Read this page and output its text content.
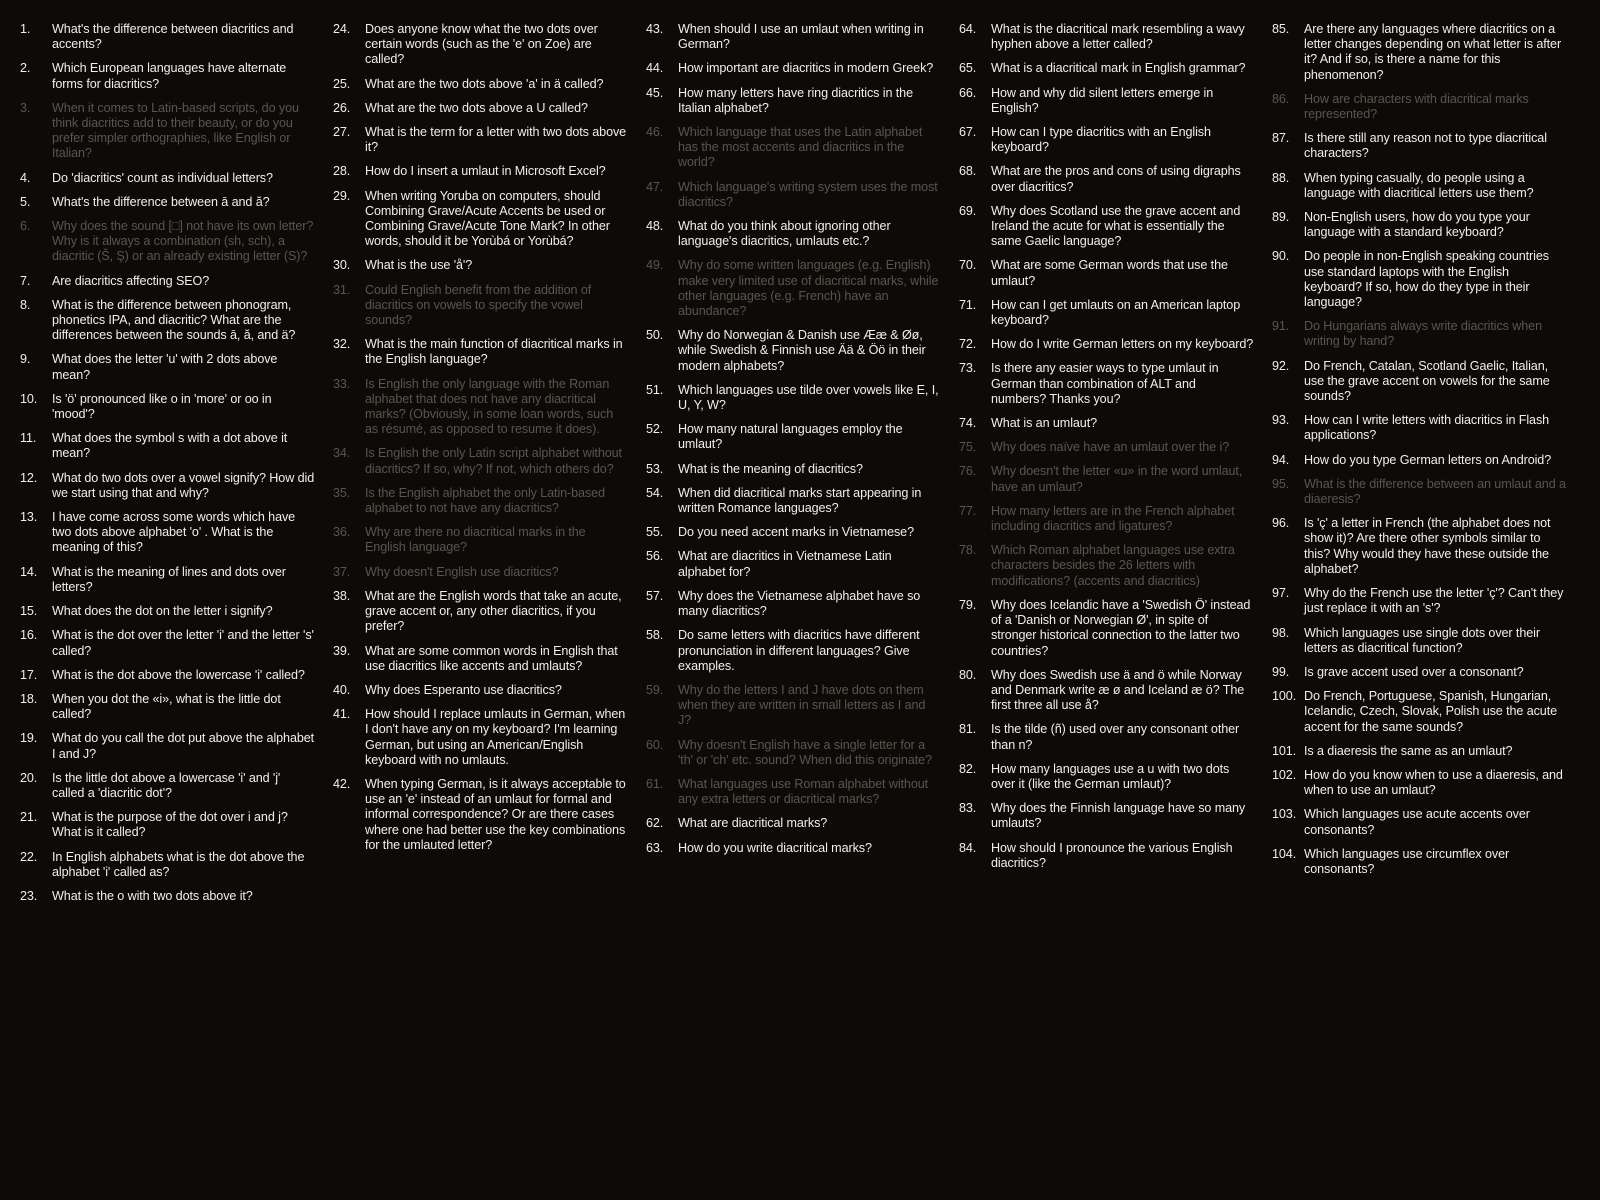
1.	What's the difference between diacritics and accents?
2.	Which European languages have alternate forms for diacritics?
3.	When it comes to Latin-based scripts, do you think diacritics add to their beauty, or do you prefer simpler orthographies, like English or Italian?
4.	Do 'diacritics' count as individual letters?
5.	What's the difference between ā and ă?
6.	Why does the sound [□] not have its own letter? Why is it always a combination (sh, sch), a diacritic (Š, Ş) or an already existing letter (S)?
7.	Are diacritics affecting SEO?
8.	What is the difference between phonogram, phonetics IPA, and diacritic? What are the differences between the sounds ā, ă, and ä?
9.	What does the letter 'u' with 2 dots above mean?
10.	Is 'ö' pronounced like o in 'more' or oo in 'mood'?
11.	What does the symbol s with a dot above it mean?
12.	What do two dots over a vowel signify? How did we start using that and why?
13.	I have come across some words which have two dots above alphabet 'o' . What is the meaning of this?
14.	What is the meaning of lines and dots over letters?
15.	What does the dot on the letter i signify?
16.	What is the dot over the letter 'i' and the letter 's' called?
17.	What is the dot above the lowercase 'i' called?
18.	When you dot the «i», what is the little dot called?
19.	What do you call the dot put above the alphabet I and J?
20.	Is the little dot above a lowercase 'i' and 'j' called a 'diacritic dot'?
21.	What is the purpose of the dot over i and j? What is it called?
22.	In English alphabets what is the dot above the alphabet 'i' called as?
23.	What is the o with two dots above it?
24.	Does anyone know what the two dots over certain words (such as the 'e' on Zoe) are called?
25.	What are the two dots above 'a' in ä called?
26.	What are the two dots above a U called?
27.	What is the term for a letter with two dots above it?
28.	How do I insert a umlaut in Microsoft Excel?
29.	When writing Yoruba on computers, should Combining Grave/Acute Accents be used or Combining Grave/Acute Tone Mark? In other words, should it be Yorùbá or Yorùbá?
30.	What is the use 'å'?
31.	Could English benefit from the addition of diacritics on vowels to specify the vowel sounds?
32.	What is the main function of diacritical marks in the English language?
33.	Is English the only language with the Roman alphabet that does not have any diacritical marks? (Obviously, in some loan words, such as résumé, as opposed to resume it does).
34.	Is English the only Latin script alphabet without diacritics? If so, why? If not, which others do?
35.	Is the English alphabet the only Latin-based alphabet to not have any diacritics?
36.	Why are there no diacritical marks in the English language?
37.	Why doesn't English use diacritics?
38.	What are the English words that take an acute, grave accent or, any other diacritics, if you prefer?
39.	What are some common words in English that use diacritics like accents and umlauts?
40.	Why does Esperanto use diacritics?
41.	How should I replace umlauts in German, when I don't have any on my keyboard? I'm learning German, but using an American/English keyboard with no umlauts.
42.	When typing German, is it always acceptable to use an 'e' instead of an umlaut for formal and informal correspondence? Or are there cases where one had better use the key combinations for the umlauted letter?
43.	When should I use an umlaut when writing in German?
44.	How important are diacritics in modern Greek?
45.	How many letters have ring diacritics in the Italian alphabet?
46.	Which language that uses the Latin alphabet has the most accents and diacritics in the world?
47.	Which language's writing system uses the most diacritics?
48.	What do you think about ignoring other language's diacritics, umlauts etc.?
49.	Why do some written languages (e.g. English) make very limited use of diacritical marks, while other languages (e.g. French) have an abundance?
50.	Why do Norwegian & Danish use Ææ & Øø, while Swedish & Finnish use Ää & Öö in their modern alphabets?
51.	Which languages use tilde over vowels like E, I, U, Y, W?
52.	How many natural languages employ the umlaut?
53.	What is the meaning of diacritics?
54.	When did diacritical marks start appearing in written Romance languages?
55.	Do you need accent marks in Vietnamese?
56.	What are diacritics in Vietnamese Latin alphabet for?
57.	Why does the Vietnamese alphabet have so many diacritics?
58.	Do same letters with diacritics have different pronunciation in different languages? Give examples.
59.	Why do the letters I and J have dots on them when they are written in small letters as I and J?
60.	Why doesn't English have a single letter for a 'th' or 'ch' etc. sound? When did this originate?
61.	What languages use Roman alphabet without any extra letters or diacritical marks?
62.	What are diacritical marks?
63.	How do you write diacritical marks?
64.	What is the diacritical mark resembling a wavy hyphen above a letter called?
65.	What is a diacritical mark in English grammar?
66.	How and why did silent letters emerge in English?
67.	How can I type diacritics with an English keyboard?
68.	What are the pros and cons of using digraphs over diacritics?
69.	Why does Scotland use the grave accent and Ireland the acute for what is essentially the same Gaelic language?
70.	What are some German words that use the umlaut?
71.	How can I get umlauts on an American laptop keyboard?
72.	How do I write German letters on my keyboard?
73.	Is there any easier ways to type umlaut in German than combination of ALT and numbers? Thanks you?
74.	What is an umlaut?
75.	Why does naïve have an umlaut over the i?
76.	Why doesn't the letter «u» in the word umlaut, have an umlaut?
77.	How many letters are in the French alphabet including diacritics and ligatures?
78.	Which Roman alphabet languages use extra characters besides the 26 letters with modifications? (accents and diacritics)
79.	Why does Icelandic have a 'Swedish Ö' instead of a 'Danish or Norwegian Ø', in spite of stronger historical connection to the latter two countries?
80.	Why does Swedish use ä and ö while Norway and Denmark write æ ø and Iceland æ ö? The first three all use å?
81.	Is the tilde (ñ) used over any consonant other than n?
82.	How many languages use a u with two dots over it (like the German umlaut)?
83.	Why does the Finnish language have so many umlauts?
84.	How should I pronounce the various English diacritics?
85.	Are there any languages where diacritics on a letter changes depending on what letter is after it? And if so, is there a name for this phenomenon?
86.	How are characters with diacritical marks represented?
87.	Is there still any reason not to type diacritical characters?
88.	When typing casually, do people using a language with diacritical letters use them?
89.	Non-English users, how do you type your language with a standard keyboard?
90.	Do people in non-English speaking countries use standard laptops with the English keyboard? If so, how do they type in their language?
91.	Do Hungarians always write diacritics when writing by hand?
92.	Do French, Catalan, Scotland Gaelic, Italian, use the grave accent on vowels for the same sounds?
93.	How can I write letters with diacritics in Flash applications?
94.	How do you type German letters on Android?
95.	What is the difference between an umlaut and a diaeresis?
96.	Is 'ç' a letter in French (the alphabet does not show it)? Are there other symbols similar to this? Why would they have these outside the alphabet?
97.	Why do the French use the letter 'ç'? Can't they just replace it with an 's'?
98.	Which languages use single dots over their letters as diacritical function?
99.	Is grave accent used over a consonant?
100. Do French, Portuguese, Spanish, Hungarian, Icelandic, Czech, Slovak, Polish use the acute accent for the same sounds?
101. Is a diaeresis the same as an umlaut?
102. How do you know when to use a diaeresis, and when to use an umlaut?
103. Which languages use acute accents over consonants?
104. Which languages use circumflex over consonants?
